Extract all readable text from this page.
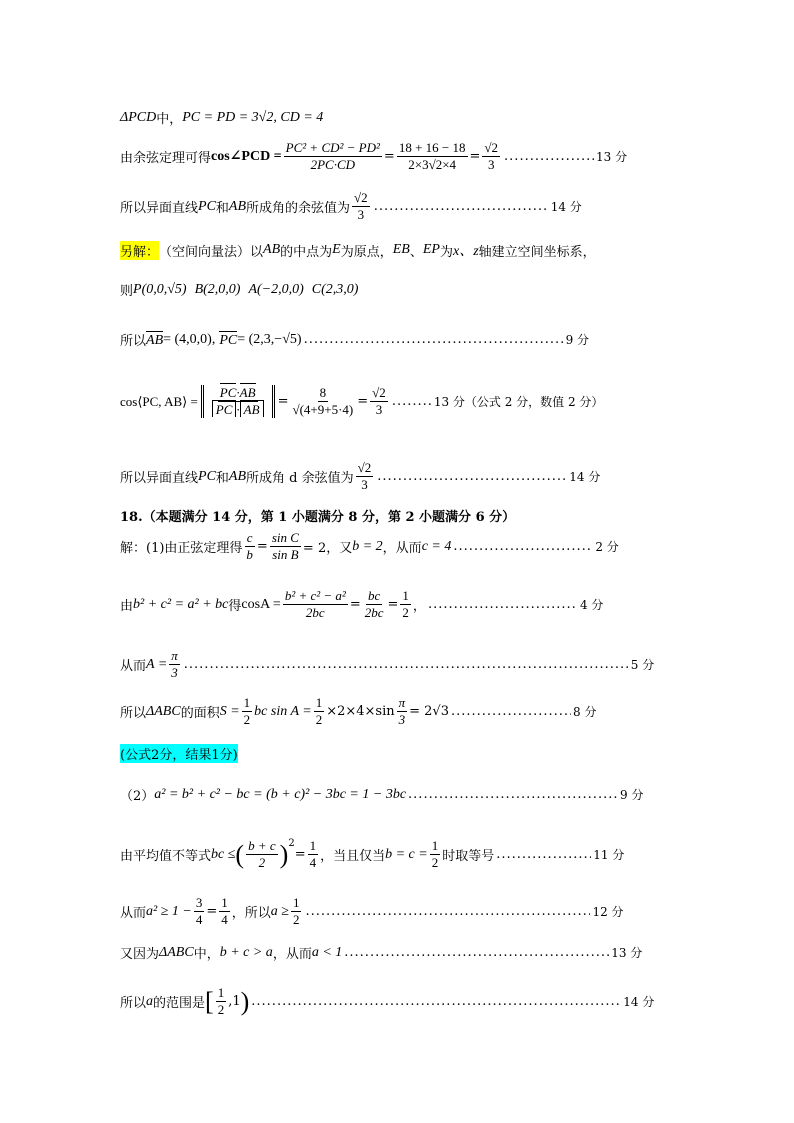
ΔPCD 中， PC = PD = 3√2, CD = 4
由余弦定理可得 cos∠PCD = $\frac{\text{PC² + CD² − PD²}}{2PC\cdot CD} = \frac{18 + 16 - 18}{2\times 3√2\times 4} = \frac{√2}{3}$ .....	13 分
所以异面直线 PC 和 AB 所成角的余弦值为 $\frac{√2}{3}$ .....	14 分
另解： （空间向量法）以 AB 的中点为 E 为原点， EB 、 EP 为 x、z 轴建立空间坐标系，
则 P(0,0,√5) B(2,0,0) A(−2,0,0) C(2,3,0)
所以 AB = (4,0,0), PC = (2,3,−√5) .....	9 分
cos⟨PC, AB⟩ = $\frac{PC\cdot AB}{PC \cdot AB} = \frac{8}{√(4+9+5\cdot 4)} = \frac{√2}{3}$ .....	13 分（公式 2 分，数值 2 分）
所以异面直线 PC 和 AB 所成角 d 余弦值为 $\frac{√2}{3}$ .....	14 分
18.（本题满分 14 分，第 1 小题满分 8 分，第 2 小题满分 6 分）
解：(1)由正弦定理得 $\frac{c}{b} = \frac{\text{sin C}}{\text{sin B}} = 2$，又 b = 2 ，从而 c = 4 .....	2 分
由 b² + c² = a² + bc 得 $\cos A = \frac{\text{b² + c² − a²}}{2bc} = \frac{bc}{2bc} = \frac{1}{2}$ ， .....	4 分
从而 $A = \frac{\pi}{3}$ .....	5 分
所以 ΔABC 的面积 $S = \frac{1}{2}$ bc $\sin A = \frac{1}{2} \times 2\times 4\times\sin \frac{\pi}{3} = 2√3$ .....	8 分
(公式2分，结果1分)
（2） a² = b² + c² − bc = (b + c)² − 3bc = 1 − 3bc .....	9 分
由平均值不等式 bc ≤ ( $\frac{b + c}{2}$ ) 2
= $\frac{1}{4}$ ，当且仅当 $b = c = \frac{1}{2}$ 时取等号 .....	11 分
从而 $a^2 \ge 1 - \frac{3}{4} = \frac{1}{4}$ ，所以 $a \ge \frac{1}{2}$ .....	12 分
又因为 ΔABC 中， b + c > a ，从而 a < 1 .....	13 分
所以 a 的范围是 [ $\frac{1}{2} ,1$ ) .....	14 分
